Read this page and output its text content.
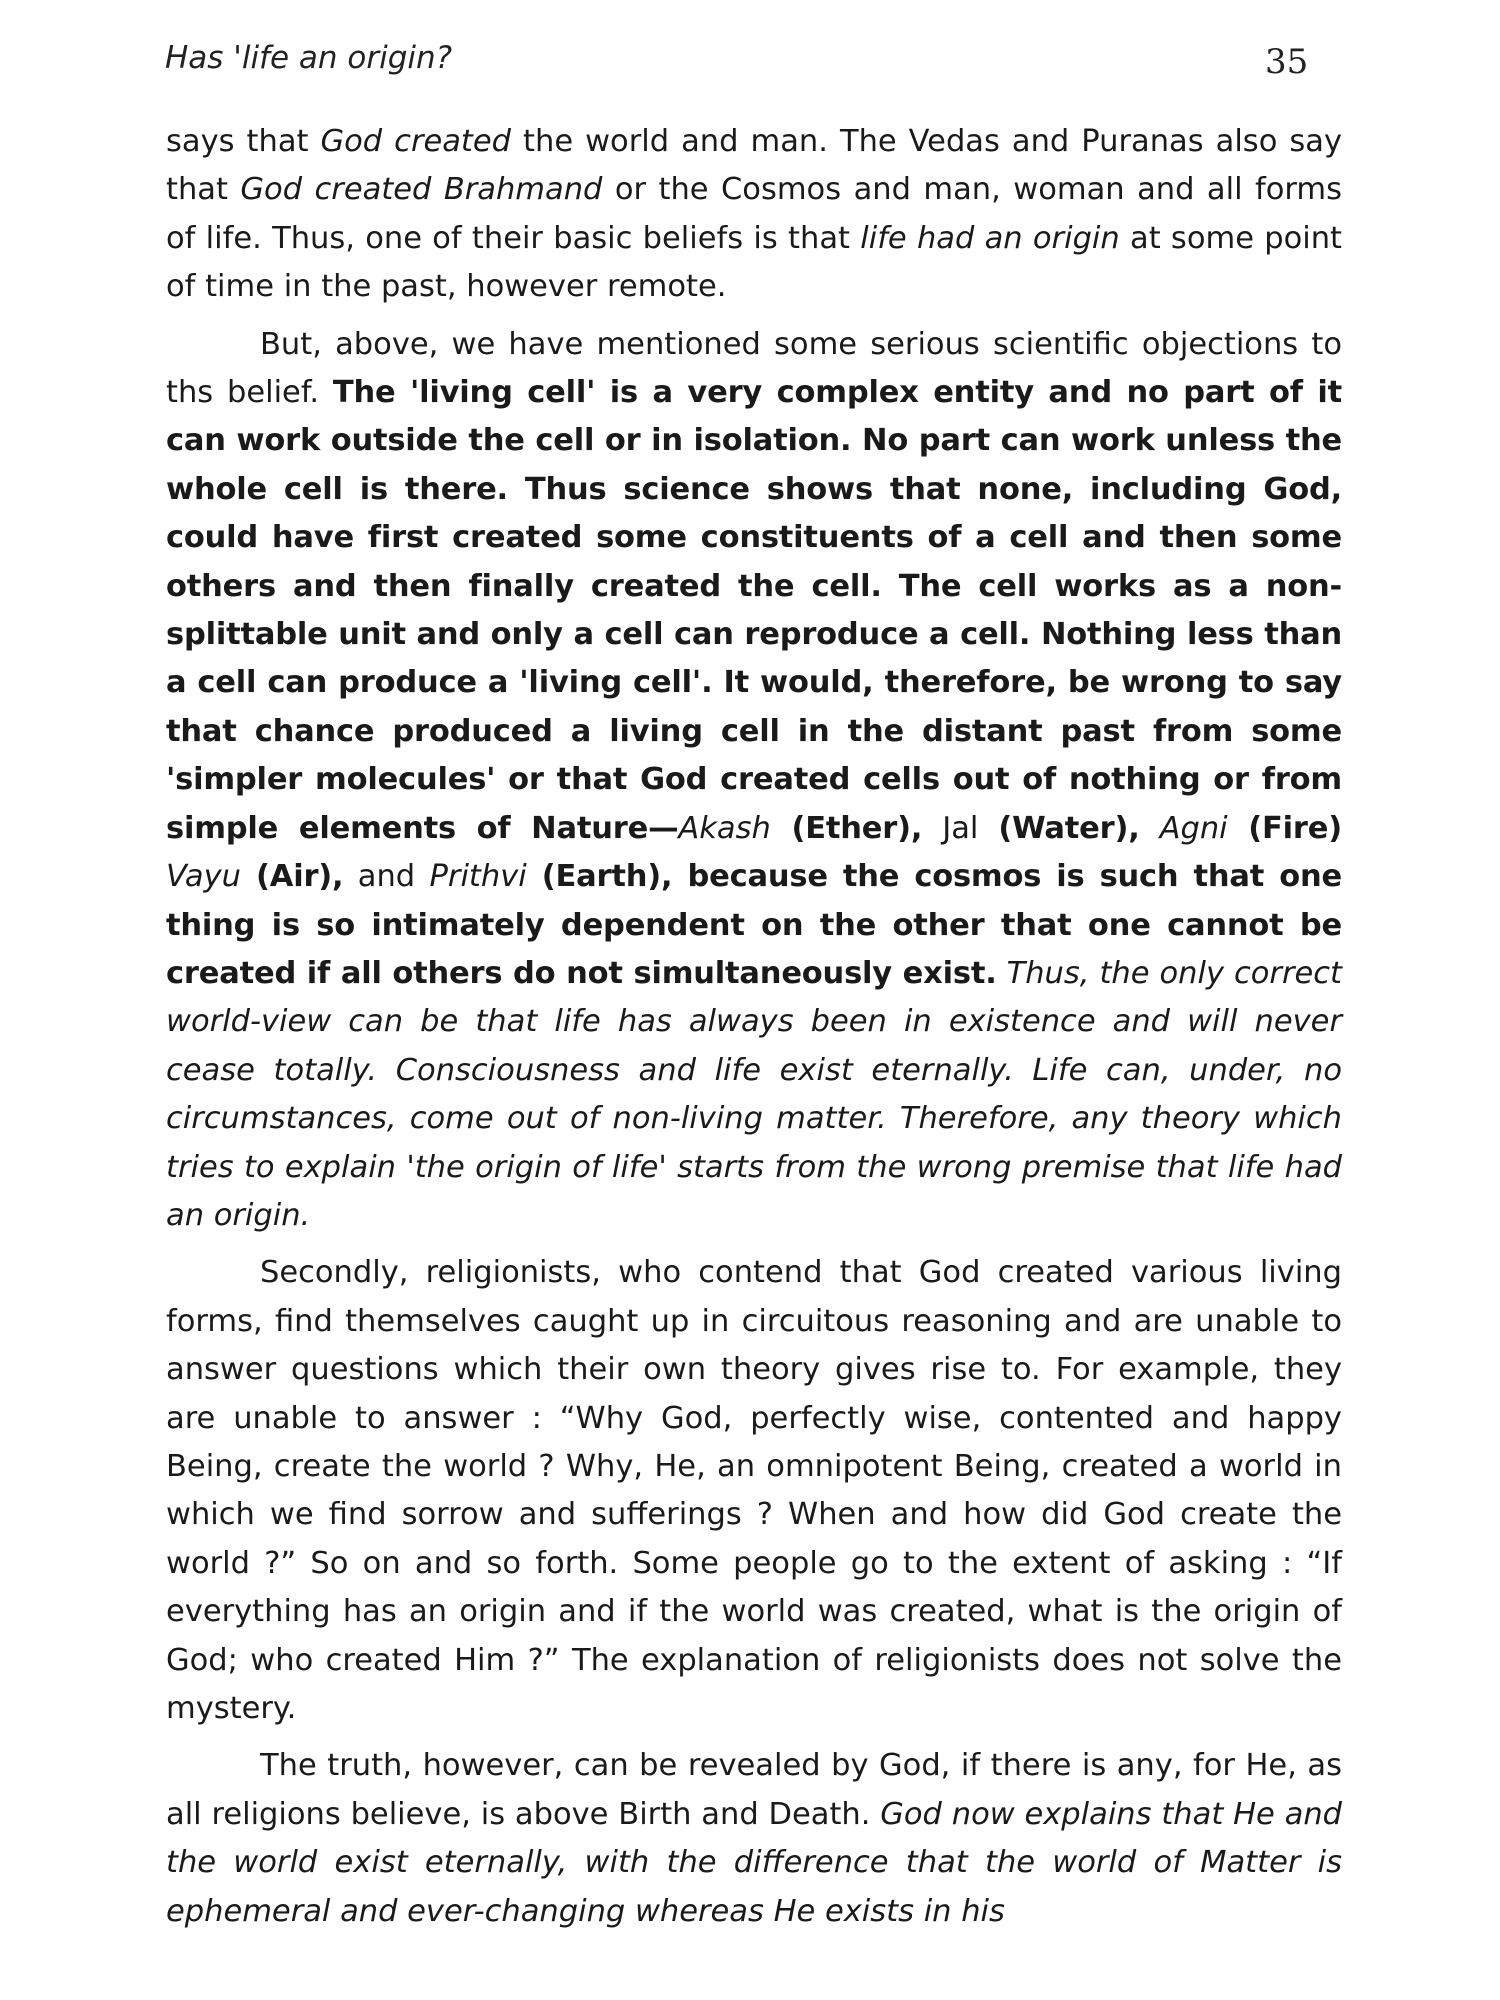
Has 'life an origin?	35

says that God created the world and man. The Vedas and Puranas also say that God created Brahmand or the Cosmos and man, woman and all forms of life. Thus, one of their basic beliefs is that life had an origin at some point of time in the past, however remote.

But, above, we have mentioned some serious scientific objections to ths belief. The 'living cell' is a very complex entity and no part of it can work outside the cell or in isolation. No part can work unless the whole cell is there. Thus science shows that none, including God, could have first created some constituents of a cell and then some others and then finally created the cell. The cell works as a non-splittable unit and only a cell can reproduce a cell. Nothing less than a cell can produce a 'living cell'. It would, therefore, be wrong to say that chance produced a living cell in the distant past from some 'simpler molecules' or that God created cells out of nothing or from simple elements of Nature—Akash (Ether), Jal (Water), Agni (Fire) Vayu (Air), and Prithvi (Earth), because the cosmos is such that one thing is so intimately dependent on the other that one cannot be created if all others do not simultaneously exist. Thus, the only correct world-view can be that life has always been in existence and will never cease totally. Consciousness and life exist eternally. Life can, under, no circumstances, come out of non-living matter. Therefore, any theory which tries to explain 'the origin of life' starts from the wrong premise that life had an origin.

Secondly, religionists, who contend that God created various living forms, find themselves caught up in circuitous reasoning and are unable to answer questions which their own theory gives rise to. For example, they are unable to answer : “Why God, perfectly wise, contented and happy Being, create the world ? Why, He, an omnipotent Being, created a world in which we find sorrow and sufferings ? When and how did God create the world ?” So on and so forth. Some people go to the extent of asking : “If everything has an origin and if the world was created, what is the origin of God; who created Him ?” The explanation of religionists does not solve the mystery.

The truth, however, can be revealed by God, if there is any, for He, as all religions believe, is above Birth and Death. God now explains that He and the world exist eternally, with the difference that the world of Matter is ephemeral and ever-changing whereas He exists in his
